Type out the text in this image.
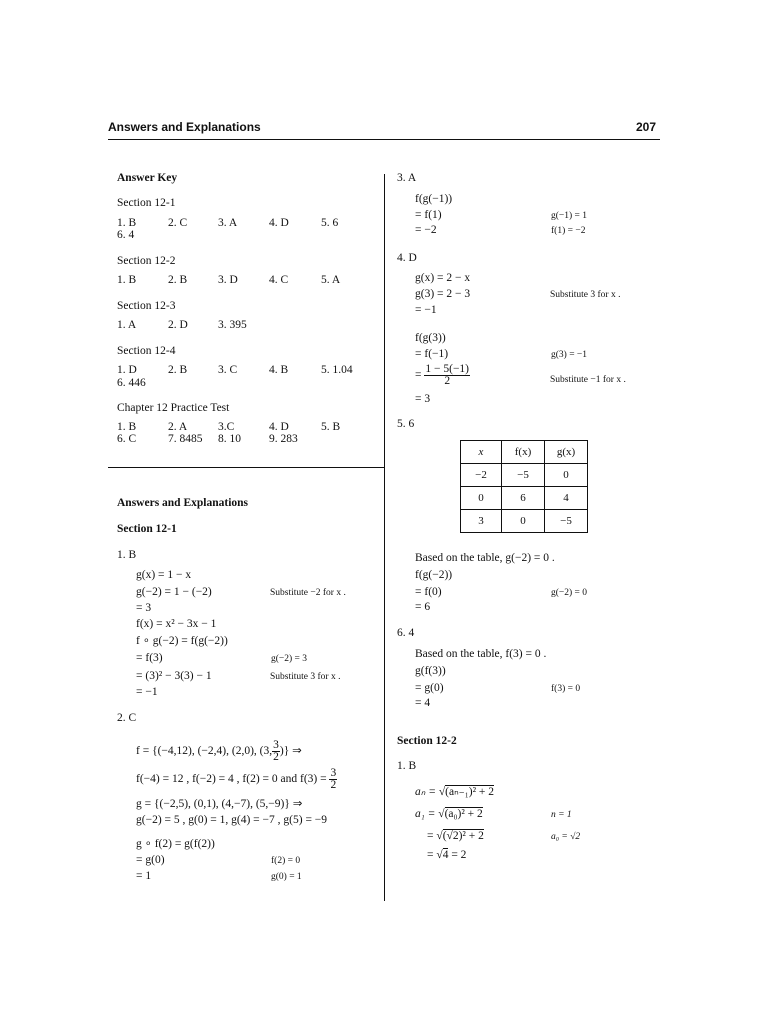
Answers and Explanations	207
Answer Key
Section 12-1
1. B	2. C	3. A	4. D	5. 6
6. 4
Section 12-2
1. B	2. B	3. D	4. C	5. A
Section 12-3
1. A	2. D	3. 395
Section 12-4
1. D	2. B	3. C	4. B	5. 1.04
6. 446
Chapter 12 Practice Test
1. B	2. A	3.C	4. D	5. B
6. C	7. 8485 8. 10 9. 283
Answers and Explanations
Section 12-1
1. B
g(x) = 1 − x
g(−2) = 1 − (−2)	Substitute −2 for x .
= 3
f(x) = x² − 3x − 1
f ∘ g(−2) = f(g(−2))
= f(3)	g(−2) = 3
= (3)² − 3(3) − 1	Substitute 3 for x .
= −1
2. C
f = {(−4,12), (−2,4), (2,0), (3, $\frac{3}{2}$ )} ⇒
f(−4) = 12 , f(−2) = 4 , f(2) = 0 and $f(3) = \frac{3}{2}$
g = {(−2,5), (0,1), (4,−7), (5,−9)} ⇒
g(−2) = 5 , g(0) = 1, g(4) = −7 , g(5) = −9
g ∘ f(2) = g(f(2))
= g(0)	f(2) = 0
= 1	g(0) = 1
3. A
f(g(−1))
= f(1)	g(−1) = 1
= −2	f(1) = −2
4. D
g(x) = 2 − x
g(3) = 2 − 3	Substitute 3 for x .
= −1
f(g(3))
= f(−1)	g(3) = −1
= $\frac{1 - 5(-1)}{2}$	Substitute −1 for x .
= 3
5. 6
x	f(x)	g(x)
−2	−5	0
0	6	4
3	0	−5
Based on the table, g(−2) = 0 .
f(g(−2))
= f(0)	g(−2) = 0
= 6
6. 4
Based on the table, f(3) = 0 .
g(f(3))
= g(0)	f(3) = 0
= 4
Section 12-2
1. B
aₙ = √(aₙ₋₁)² + 2
a₁ = √(a₀)² + 2	n = 1
= √(√2)² + 2	a₀ = √2
= √4 = 2
